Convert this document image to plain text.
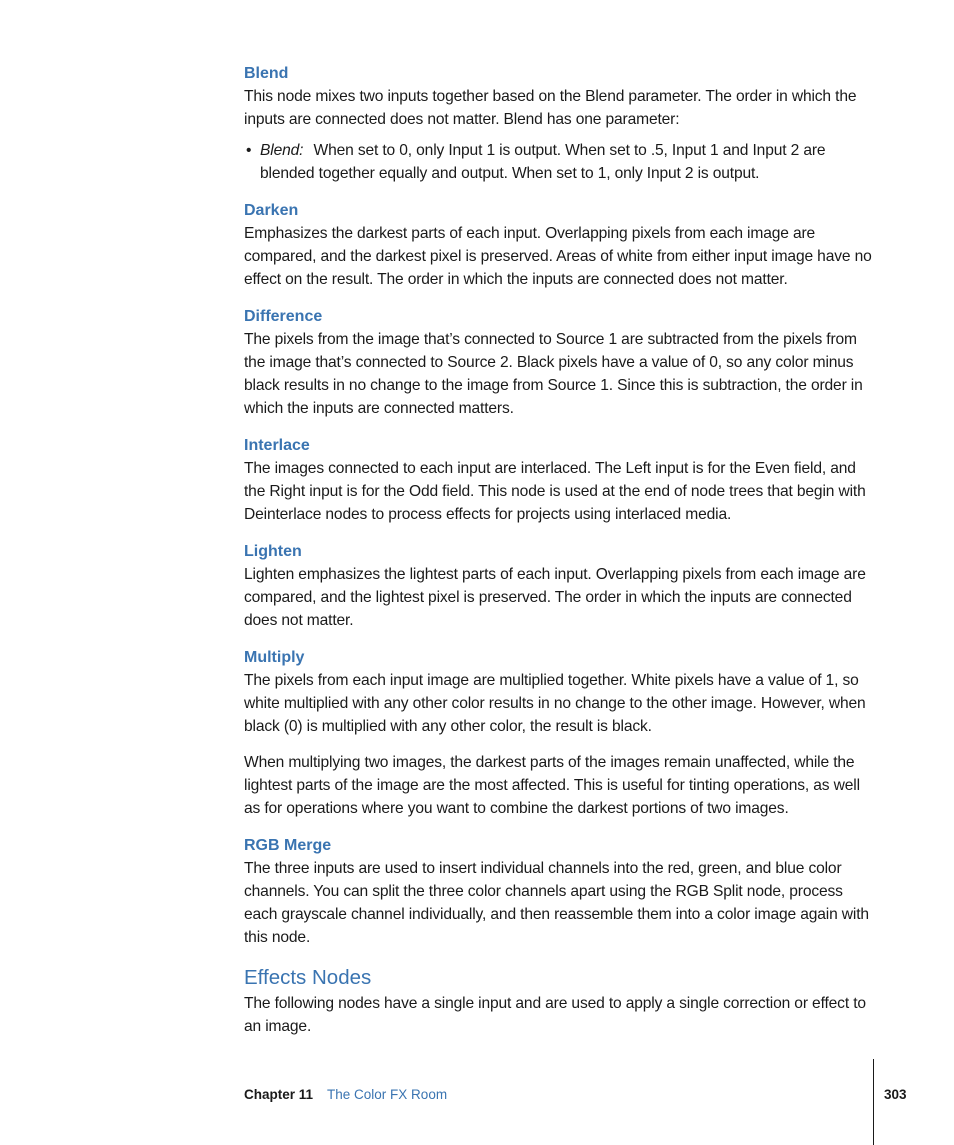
Blend

This node mixes two inputs together based on the Blend parameter. The order in which the inputs are connected does not matter. Blend has one parameter:

• Blend: When set to 0, only Input 1 is output. When set to .5, Input 1 and Input 2 are blended together equally and output. When set to 1, only Input 2 is output.
Darken

Emphasizes the darkest parts of each input. Overlapping pixels from each image are compared, and the darkest pixel is preserved. Areas of white from either input image have no effect on the result. The order in which the inputs are connected does not matter.

Difference

The pixels from the image that’s connected to Source 1 are subtracted from the pixels from the image that’s connected to Source 2. Black pixels have a value of 0, so any color minus black results in no change to the image from Source 1. Since this is subtraction, the order in which the inputs are connected matters.

Interlace

The images connected to each input are interlaced. The Left input is for the Even field, and the Right input is for the Odd field. This node is used at the end of node trees that begin with Deinterlace nodes to process effects for projects using interlaced media.

Lighten

Lighten emphasizes the lightest parts of each input. Overlapping pixels from each image are compared, and the lightest pixel is preserved. The order in which the inputs are connected does not matter.

Multiply

The pixels from each input image are multiplied together. White pixels have a value of 1, so white multiplied with any other color results in no change to the other image. However, when black (0) is multiplied with any other color, the result is black.

When multiplying two images, the darkest parts of the images remain unaffected, while the lightest parts of the image are the most affected. This is useful for tinting operations, as well as for operations where you want to combine the darkest portions of two images.

RGB Merge

The three inputs are used to insert individual channels into the red, green, and blue color channels. You can split the three color channels apart using the RGB Split node, process each grayscale channel individually, and then reassemble them into a color image again with this node.

Effects Nodes

The following nodes have a single input and are used to apply a single correction or effect to an image.

Chapter 11 The Color FX Room	303
